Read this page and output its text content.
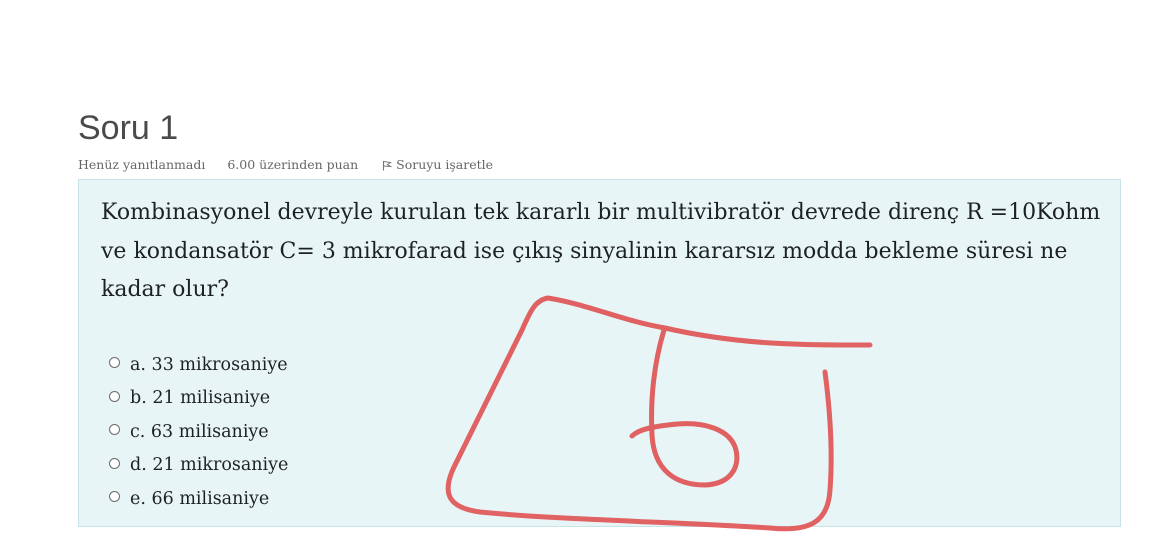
Soru 1
Henüz yanıtlanmadı 6.00 üzerinden puan	Soruyu işaretle

Kombinasyonel devreyle kurulan tek kararlı bir multivibratör devrede direnç R =10Kohm ve kondansatör C= 3 mikrofarad ise çıkış sinyalinin kararsız modda bekleme süresi ne kadar olur?

a. 33 mikrosaniye
b. 21 milisaniye
c. 63 milisaniye
d. 21 mikrosaniye
e. 66 milisaniye
